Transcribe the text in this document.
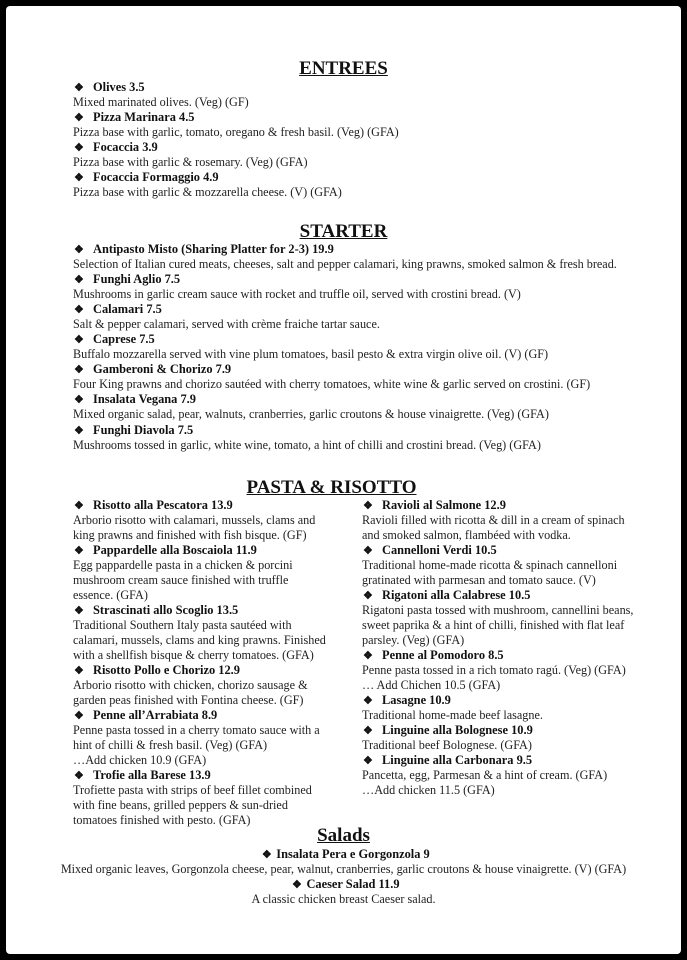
ENTREES
❖ Olives 3.5
Mixed marinated olives. (Veg) (GF)
❖ Pizza Marinara 4.5
Pizza base with garlic, tomato, oregano & fresh basil. (Veg) (GFA)
❖ Focaccia 3.9
Pizza base with garlic & rosemary. (Veg) (GFA)
❖ Focaccia Formaggio 4.9
Pizza base with garlic & mozzarella cheese. (V) (GFA)
STARTER
❖ Antipasto Misto (Sharing Platter for 2-3) 19.9
Selection of Italian cured meats, cheeses, salt and pepper calamari, king prawns, smoked salmon & fresh bread.
❖ Funghi Aglio 7.5
Mushrooms in garlic cream sauce with rocket and truffle oil, served with crostini bread. (V)
❖ Calamari 7.5
Salt & pepper calamari, served with crème fraiche tartar sauce.
❖ Caprese 7.5
Buffalo mozzarella served with vine plum tomatoes, basil pesto & extra virgin olive oil. (V) (GF)
❖ Gamberoni & Chorizo 7.9
Four King prawns and chorizo sautéed with cherry tomatoes, white wine & garlic served on crostini. (GF)
❖ Insalata Vegana 7.9
Mixed organic salad, pear, walnuts, cranberries, garlic croutons & house vinaigrette. (Veg) (GFA)
❖ Funghi Diavola 7.5
Mushrooms tossed in garlic, white wine, tomato, a hint of chilli and crostini bread. (Veg) (GFA)
PASTA & RISOTTO
❖ Risotto alla Pescatora 13.9
Arborio risotto with calamari, mussels, clams and
king prawns and finished with fish bisque. (GF)
❖ Pappardelle alla Boscaiola 11.9
Egg pappardelle pasta in a chicken & porcini
mushroom cream sauce finished with truffle
essence. (GFA)
❖ Strascinati allo Scoglio 13.5
Traditional Southern Italy pasta sautéed with
calamari, mussels, clams and king prawns. Finished
with a shellfish bisque & cherry tomatoes. (GFA)
❖ Risotto Pollo e Chorizo 12.9
Arborio risotto with chicken, chorizo sausage &
garden peas finished with Fontina cheese. (GF)
❖ Penne all’Arrabiata 8.9
Penne pasta tossed in a cherry tomato sauce with a
hint of chilli & fresh basil. (Veg) (GFA)
…Add chicken 10.9 (GFA)
❖ Trofie alla Barese 13.9
Trofiette pasta with strips of beef fillet combined
with fine beans, grilled peppers & sun-dried
tomatoes finished with pesto. (GFA)
❖ Ravioli al Salmone 12.9
Ravioli filled with ricotta & dill in a cream of spinach
and smoked salmon, flambéed with vodka.
❖ Cannelloni Verdi 10.5
Traditional home-made ricotta & spinach cannelloni
gratinated with parmesan and tomato sauce. (V)
❖ Rigatoni alla Calabrese 10.5
Rigatoni pasta tossed with mushroom, cannellini beans,
sweet paprika & a hint of chilli, finished with flat leaf
parsley. (Veg) (GFA)
❖ Penne al Pomodoro 8.5
Penne pasta tossed in a rich tomato ragú. (Veg) (GFA)
… Add Chichen 10.5 (GFA)
❖ Lasagne 10.9
Traditional home-made beef lasagne.
❖ Linguine alla Bolognese 10.9
Traditional beef Bolognese. (GFA)
❖ Linguine alla Carbonara 9.5
Pancetta, egg, Parmesan & a hint of cream. (GFA)
…Add chicken 11.5 (GFA)
Salads
❖ Insalata Pera e Gorgonzola 9
Mixed organic leaves, Gorgonzola cheese, pear, walnut, cranberries, garlic croutons & house vinaigrette. (V) (GFA)
❖ Caeser Salad 11.9
A classic chicken breast Caeser salad.
